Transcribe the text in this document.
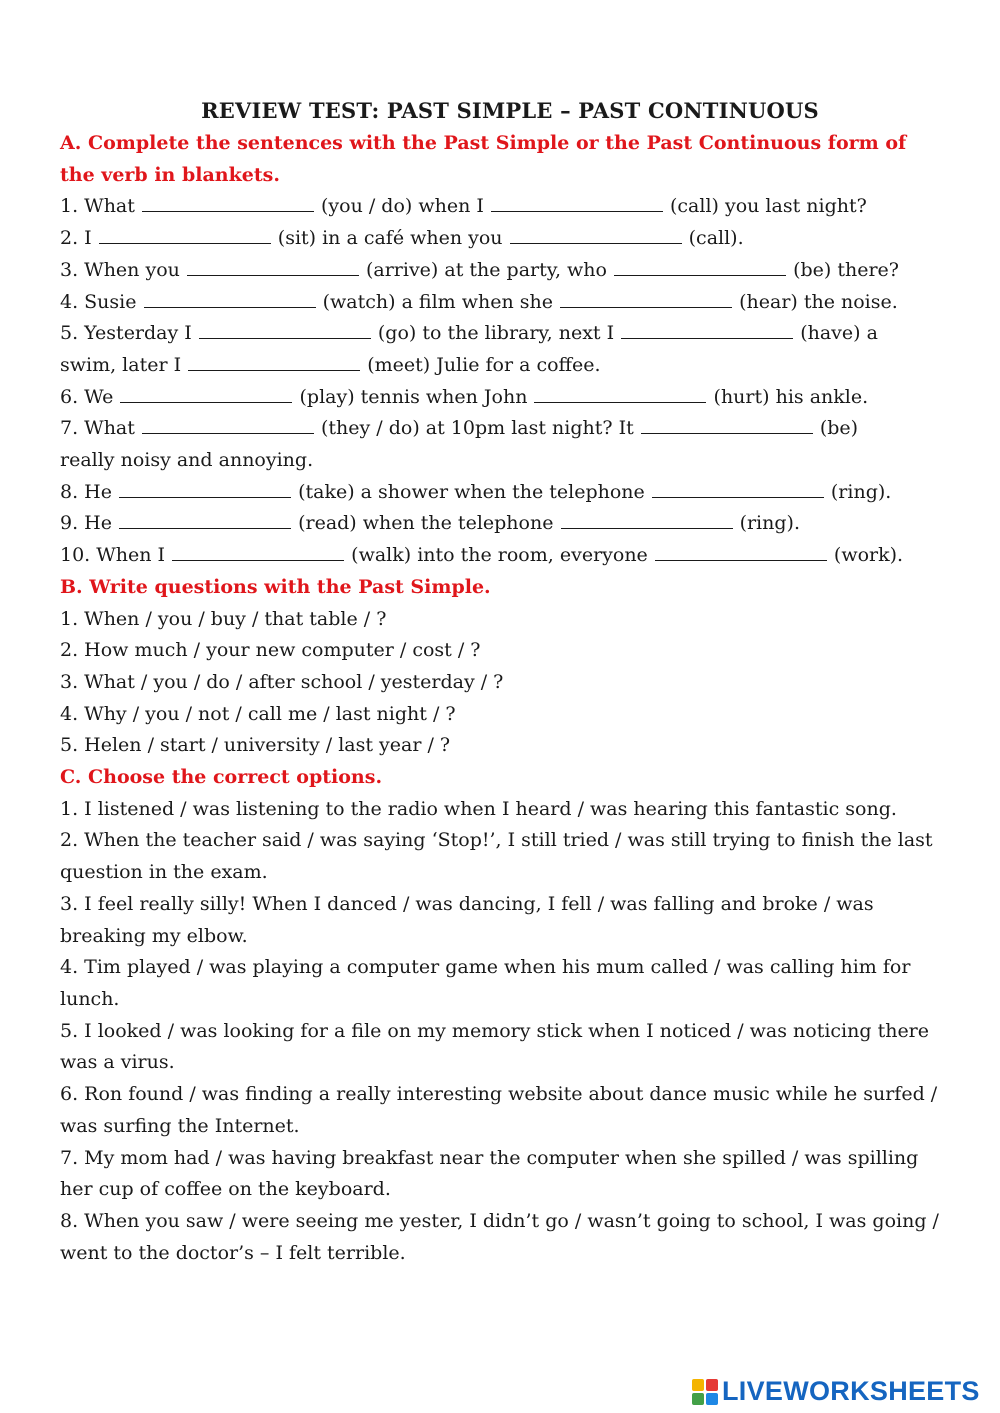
REVIEW TEST: PAST SIMPLE – PAST CONTINUOUS
A. Complete the sentences with the Past Simple or the Past Continuous form of
the verb in blankets.
1. What	(you / do) when I	(call) you last night?
2. I	(sit) in a café when you	(call).
3. When you	(arrive) at the party, who	(be) there?
4. Susie	(watch) a film when she	(hear) the noise.
5. Yesterday I	(go) to the library, next I	(have) a
swim, later I	(meet) Julie for a coffee.
6. We	(play) tennis when John	(hurt) his ankle.
7. What	(they / do) at 10pm last night? It	(be)
really noisy and annoying.
8. He	(take) a shower when the telephone	(ring).
9. He	(read) when the telephone	(ring).
10. When I	(walk) into the room, everyone	(work).
B. Write questions with the Past Simple.
1. When / you / buy / that table / ?
2. How much / your new computer / cost / ?
3. What / you / do / after school / yesterday / ?
4. Why / you / not / call me / last night / ?
5. Helen / start / university / last year / ?
C. Choose the correct options.
1. I listened / was listening to the radio when I heard / was hearing this fantastic song.
2. When the teacher said / was saying ‘Stop!’, I still tried / was still trying to finish the last question in the exam.
3. I feel really silly! When I danced / was dancing, I fell / was falling and broke / was breaking my elbow.
4. Tim played / was playing a computer game when his mum called / was calling him for lunch.
5. I looked / was looking for a file on my memory stick when I noticed / was noticing there was a virus.
6. Ron found / was finding a really interesting website about dance music while he surfed / was surfing the Internet.
7. My mom had / was having breakfast near the computer when she spilled / was spilling her cup of coffee on the keyboard.
8. When you saw / were seeing me yester, I didn’t go / wasn’t going to school, I was going / went to the doctor’s – I felt terrible.
LIVEWORKSHEETS
